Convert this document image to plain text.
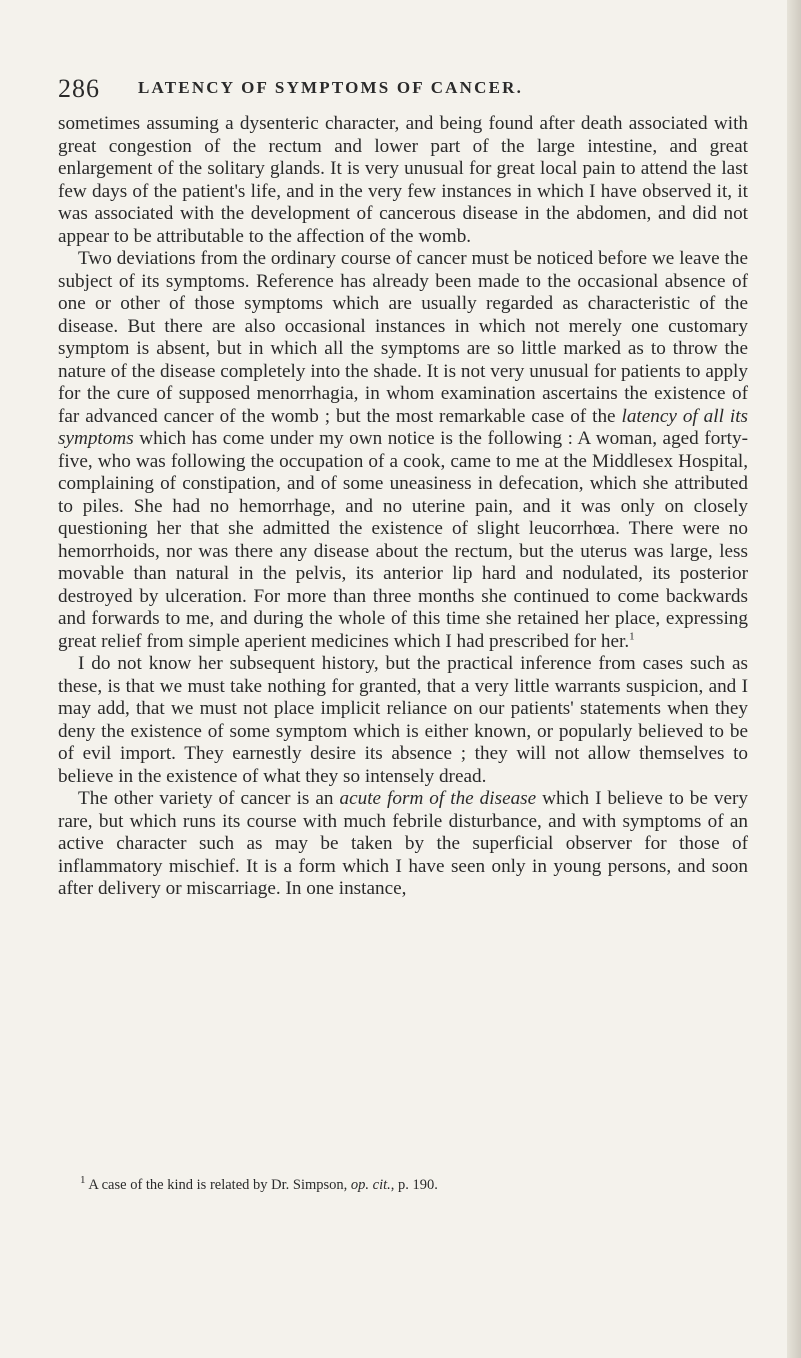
286 LATENCY OF SYMPTOMS OF CANCER.

sometimes assuming a dysenteric character, and being found after death associated with great congestion of the rectum and lower part of the large intestine, and great enlargement of the solitary glands. It is very unusual for great local pain to attend the last few days of the patient's life, and in the very few instances in which I have observed it, it was associated with the development of cancerous disease in the abdomen, and did not appear to be attributable to the affection of the womb.

Two deviations from the ordinary course of cancer must be noticed before we leave the subject of its symptoms. Reference has already been made to the occasional absence of one or other of those symptoms which are usually regarded as characteristic of the disease. But there are also occasional instances in which not merely one customary symptom is absent, but in which all the symptoms are so little marked as to throw the nature of the disease completely into the shade. It is not very unusual for patients to apply for the cure of supposed menorrhagia, in whom examination ascertains the existence of far advanced cancer of the womb ; but the most remarkable case of the latency of all its symptoms which has come under my own notice is the following : A woman, aged forty-five, who was following the occupation of a cook, came to me at the Middlesex Hospital, complaining of constipation, and of some uneasiness in defecation, which she attributed to piles. She had no hemorrhage, and no uterine pain, and it was only on closely questioning her that she admitted the existence of slight leucorrhœa. There were no hemorrhoids, nor was there any disease about the rectum, but the uterus was large, less movable than natural in the pelvis, its anterior lip hard and nodulated, its posterior destroyed by ulceration. For more than three months she continued to come backwards and forwards to me, and during the whole of this time she retained her place, expressing great relief from simple aperient medicines which I had prescribed for her.$^1$

I do not know her subsequent history, but the practical inference from cases such as these, is that we must take nothing for granted, that a very little warrants suspicion, and I may add, that we must not place implicit reliance on our patients' statements when they deny the existence of some symptom which is either known, or popularly believed to be of evil import. They earnestly desire its absence ; they will not allow themselves to believe in the existence of what they so intensely dread.

The other variety of cancer is an acute form of the disease which I believe to be very rare, but which runs its course with much febrile disturbance, and with symptoms of an active character such as may be taken by the superficial observer for those of inflammatory mischief. It is a form which I have seen only in young persons, and soon after delivery or miscarriage. In one instance,

$^1$ A case of the kind is related by Dr. Simpson, op. cit., p. 190.
